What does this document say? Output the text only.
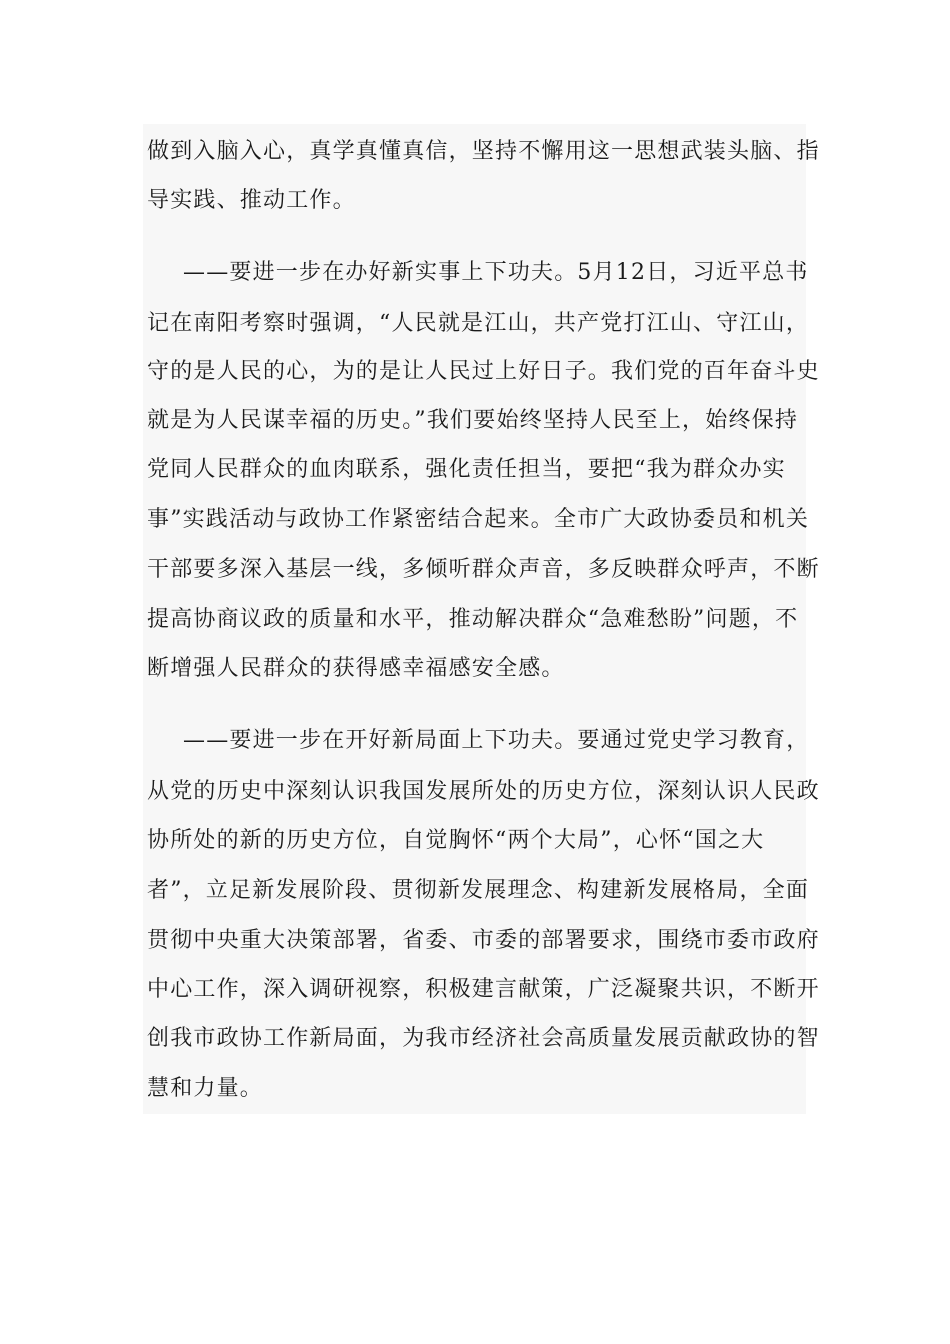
做到入脑入心，真学真懂真信，坚持不懈用这一思想武装头脑、指
导实践、推动工作。
——要进一步在办好新实事上下功夫。5月12日，习近平总书
记在南阳考察时强调，“人民就是江山，共产党打江山、守江山，
守的是人民的心，为的是让人民过上好日子。我们党的百年奋斗史
就是为人民谋幸福的历史。”我们要始终坚持人民至上，始终保持
党同人民群众的血肉联系，强化责任担当，要把“我为群众办实
事”实践活动与政协工作紧密结合起来。全市广大政协委员和机关
干部要多深入基层一线，多倾听群众声音，多反映群众呼声，不断
提高协商议政的质量和水平，推动解决群众“急难愁盼”问题，不
断增强人民群众的获得感幸福感安全感。
——要进一步在开好新局面上下功夫。要通过党史学习教育，
从党的历史中深刻认识我国发展所处的历史方位，深刻认识人民政
协所处的新的历史方位，自觉胸怀“两个大局”，心怀“国之大
者”，立足新发展阶段、贯彻新发展理念、构建新发展格局，全面
贯彻中央重大决策部署，省委、市委的部署要求，围绕市委市政府
中心工作，深入调研视察，积极建言献策，广泛凝聚共识，不断开
创我市政协工作新局面，为我市经济社会高质量发展贡献政协的智
慧和力量。
